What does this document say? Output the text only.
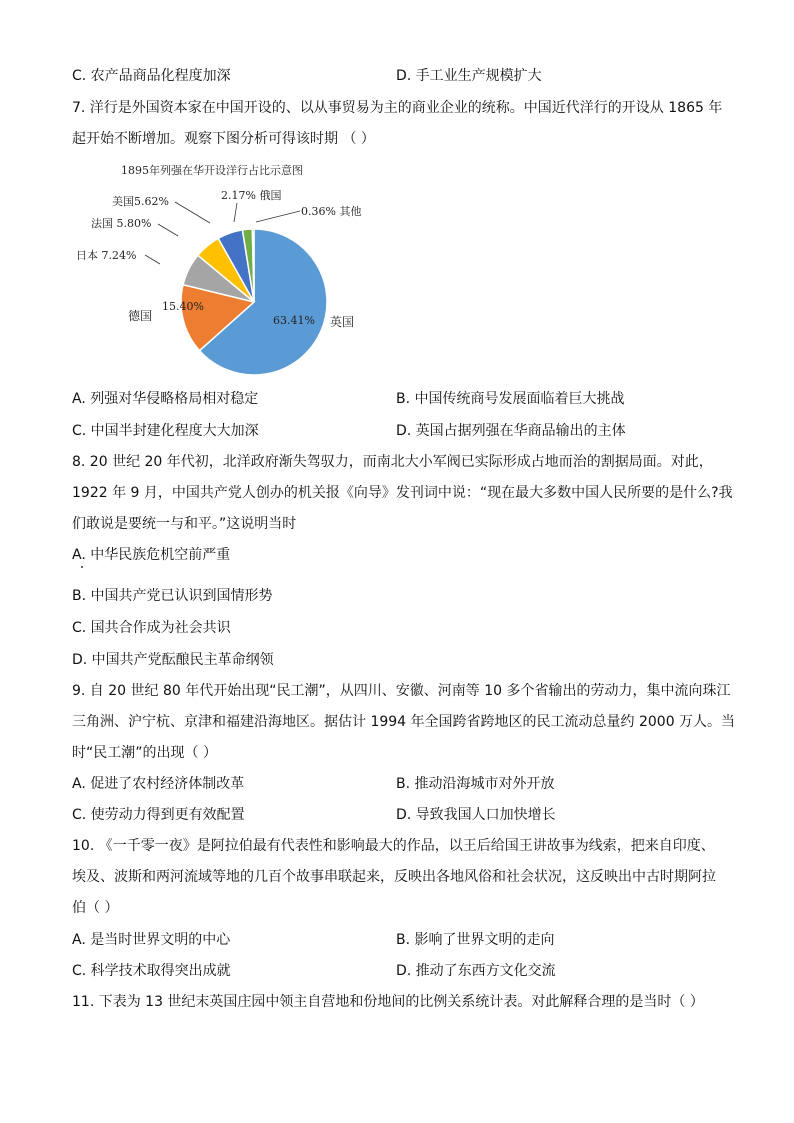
C. 农产品商品化程度加深	D. 手工业生产规模扩大
7. 洋行是外国资本家在中国开设的、以从事贸易为主的商业企业的统称。中国近代洋行的开设从 1865 年
起开始不断增加。观察下图分析可得该时期 （ ）
1895年列强在华开设洋行占比示意图
63.41% 英国
15.40%
德国
日本 7.24%
法国 5.80%
美国5.62%	2.17% 俄国
0.36% 其他
A. 列强对华侵略格局相对稳定	B. 中国传统商号发展面临着巨大挑战
C. 中国半封建化程度大大加深	D. 英国占据列强在华商品输出的主体
8. 20 世纪 20 年代初，北洋政府渐失驾驭力，而南北大小军阀已实际形成占地而治的割据局面。对此，
1922 年 9 月，中国共产党人创办的机关报《向导》发刊词中说：“现在最大多数中国人民所要的是什么?我
们敢说是要统一与和平。”这说明当时
A. 中华民族危机空前严重
B. 中国共产党已认识到国情形势
C. 国共合作成为社会共识
D. 中国共产党酝酿民主革命纲领
9. 自 20 世纪 80 年代开始出现“民工潮”，从四川、安徽、河南等 10 多个省输出的劳动力，集中流向珠江
三角洲、沪宁杭、京津和福建沿海地区。据估计 1994 年全国跨省跨地区的民工流动总量约 2000 万人。当
时“民工潮”的出现（ ）
A. 促进了农村经济体制改革	B. 推动沿海城市对外开放
C. 使劳动力得到更有效配置	D. 导致我国人口加快增长
10. 《一千零一夜》是阿拉伯最有代表性和影响最大的作品，以王后给国王讲故事为线索，把来自印度、
埃及、波斯和两河流域等地的几百个故事串联起来，反映出各地风俗和社会状况，这反映出中古时期阿拉
伯（ ）
A. 是当时世界文明的中心	B. 影响了世界文明的走向
C. 科学技术取得突出成就	D. 推动了东西方文化交流
11. 下表为 13 世纪末英国庄园中领主自营地和份地间的比例关系统计表。对此解释合理的是当时（ ）
